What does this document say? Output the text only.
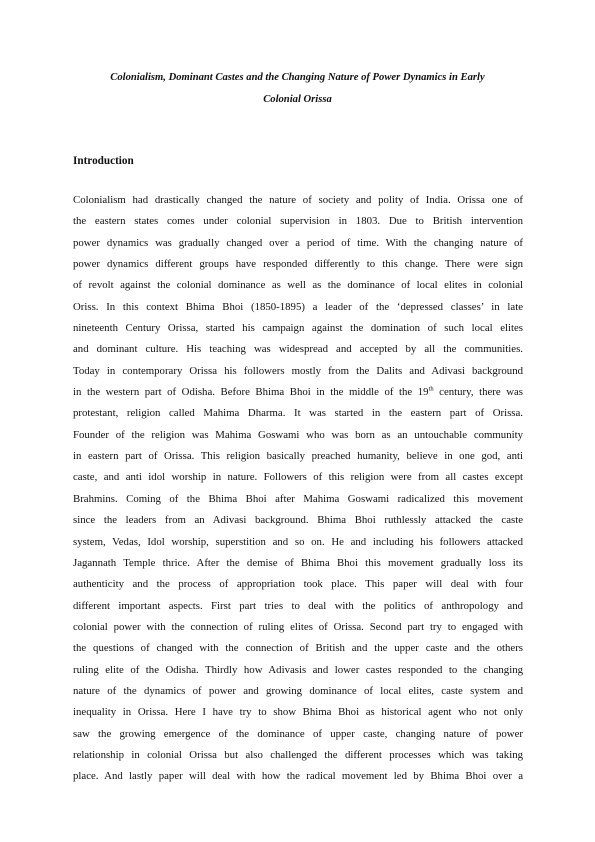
Colonialism, Dominant Castes and the Changing Nature of Power Dynamics in Early
Colonial Orissa
Introduction
Colonialism had drastically changed the nature of society and polity of India. Orissa one of
the eastern states comes under colonial supervision in 1803. Due to British intervention
power dynamics was gradually changed over a period of time. With the changing nature of
power dynamics different groups have responded differently to this change. There were sign
of revolt against the colonial dominance as well as the dominance of local elites in colonial
Oriss. In this context Bhima Bhoi (1850-1895) a leader of the ‘depressed classes’ in late
nineteenth Century Orissa, started his campaign against the domination of such local elites
and dominant culture. His teaching was widespread and accepted by all the communities.
Today in contemporary Orissa his followers mostly from the Dalits and Adivasi background
in the western part of Odisha. Before Bhima Bhoi in the middle of the 19th century, there was
protestant, religion called Mahima Dharma. It was started in the eastern part of Orissa.
Founder of the religion was Mahima Goswami who was born as an untouchable community
in eastern part of Orissa. This religion basically preached humanity, believe in one god, anti
caste, and anti idol worship in nature. Followers of this religion were from all castes except
Brahmins. Coming of the Bhima Bhoi after Mahima Goswami radicalized this movement
since the leaders from an Adivasi background. Bhima Bhoi ruthlessly attacked the caste
system, Vedas, Idol worship, superstition and so on. He and including his followers attacked
Jagannath Temple thrice. After the demise of Bhima Bhoi this movement gradually loss its
authenticity and the process of appropriation took place. This paper will deal with four
different important aspects. First part tries to deal with the politics of anthropology and
colonial power with the connection of ruling elites of Orissa. Second part try to engaged with
the questions of changed with the connection of British and the upper caste and the others
ruling elite of the Odisha. Thirdly how Adivasis and lower castes responded to the changing
nature of the dynamics of power and growing dominance of local elites, caste system and
inequality in Orissa. Here I have try to show Bhima Bhoi as historical agent who not only
saw the growing emergence of the dominance of upper caste, changing nature of power
relationship in colonial Orissa but also challenged the different processes which was taking
place. And lastly paper will deal with how the radical movement led by Bhima Bhoi over a
